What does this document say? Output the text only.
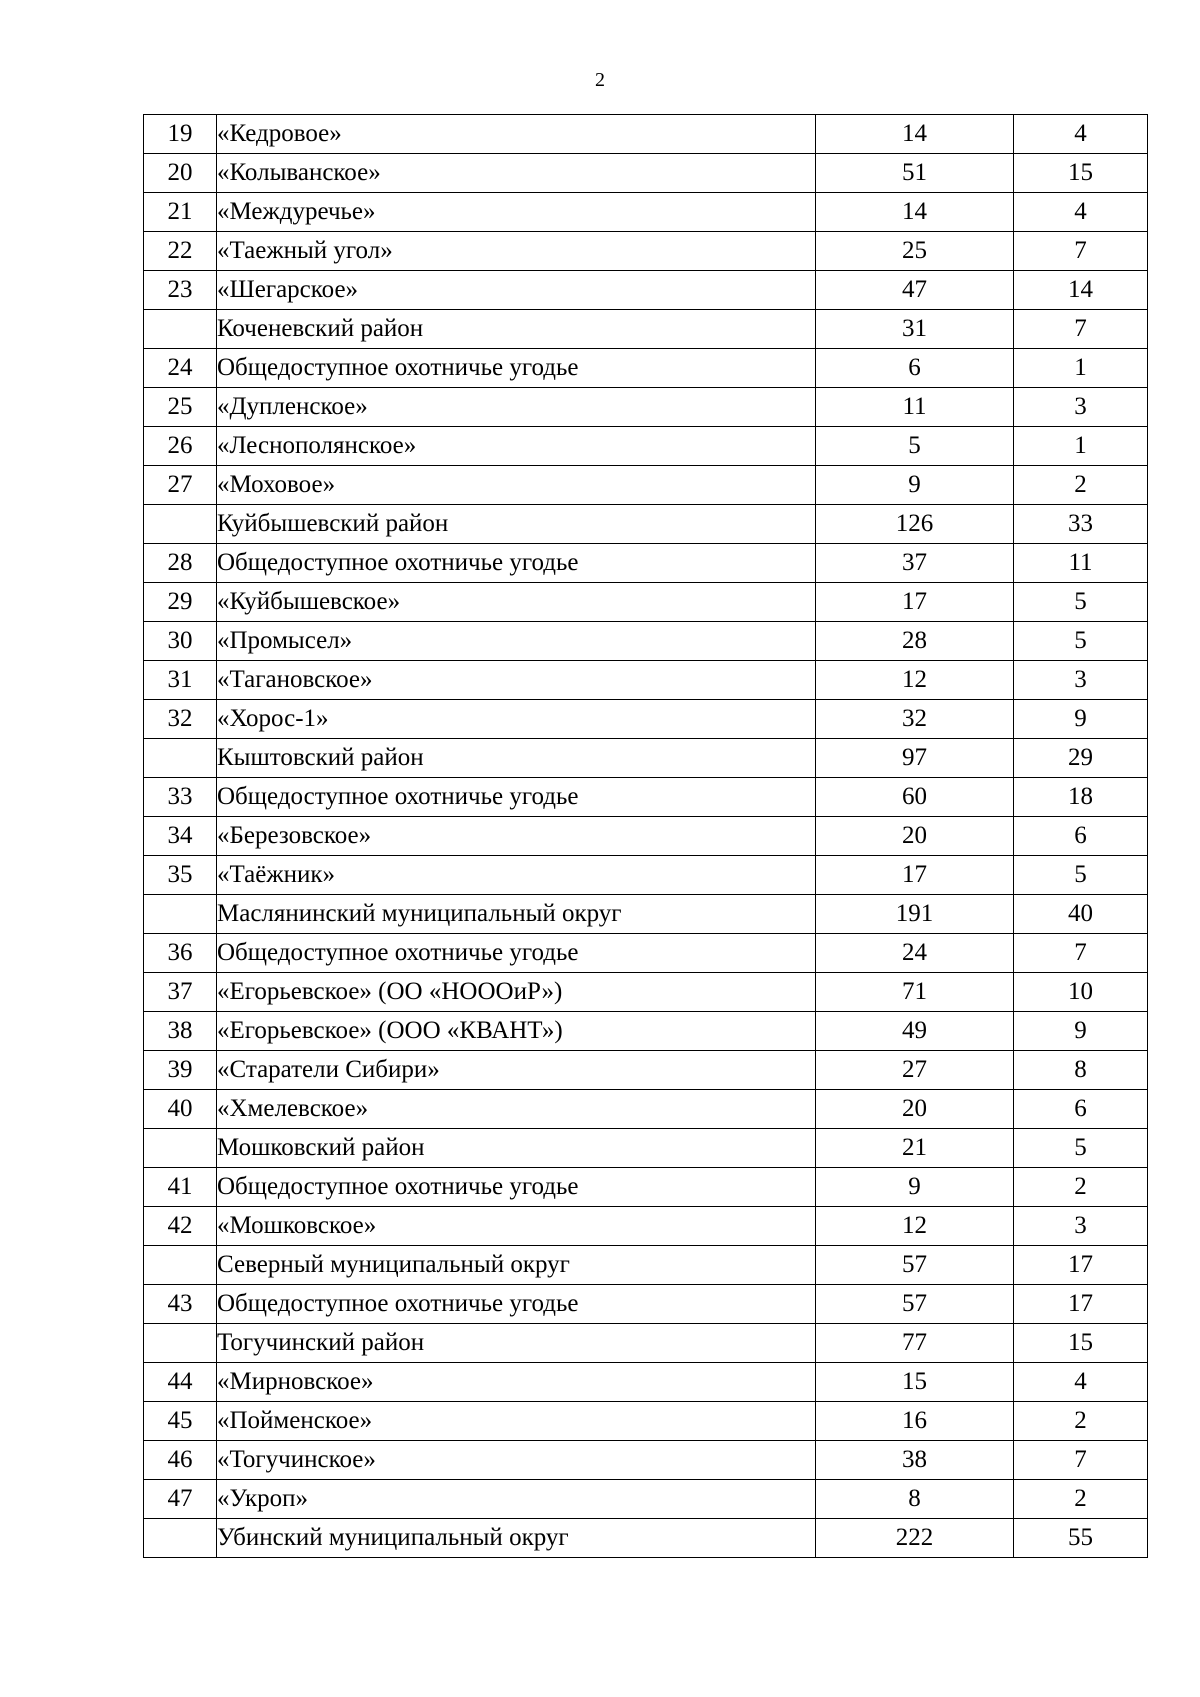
2
19	«Кедровое»	14	4
20	«Колыванское»	51	15
21	«Междуречье»	14	4
22	«Таежный угол»	25	7
23	«Шегарское»	47	14
	Коченевский район	31	7
24	Общедоступное охотничье угодье	6	1
25	«Дупленское»	11	3
26	«Леснополянское»	5	1
27	«Моховое»	9	2
	Куйбышевский район	126	33
28	Общедоступное охотничье угодье	37	11
29	«Куйбышевское»	17	5
30	«Промысел»	28	5
31	«Тагановское»	12	3
32	«Хорос-1»	32	9
	Кыштовский район	97	29
33	Общедоступное охотничье угодье	60	18
34	«Березовское»	20	6
35	«Таёжник»	17	5
	Маслянинский муниципальный округ	191	40
36	Общедоступное охотничье угодье	24	7
37	«Егорьевское» (ОО «НОООиР»)	71	10
38	«Егорьевское» (ООО «КВАНТ»)	49	9
39	«Старатели Сибири»	27	8
40	«Хмелевское»	20	6
	Мошковский район	21	5
41	Общедоступное охотничье угодье	9	2
42	«Мошковское»	12	3
	Северный муниципальный округ	57	17
43	Общедоступное охотничье угодье	57	17
	Тогучинский район	77	15
44	«Мирновское»	15	4
45	«Пойменское»	16	2
46	«Тогучинское»	38	7
47	«Укроп»	8	2
	Убинский муниципальный округ	222	55
